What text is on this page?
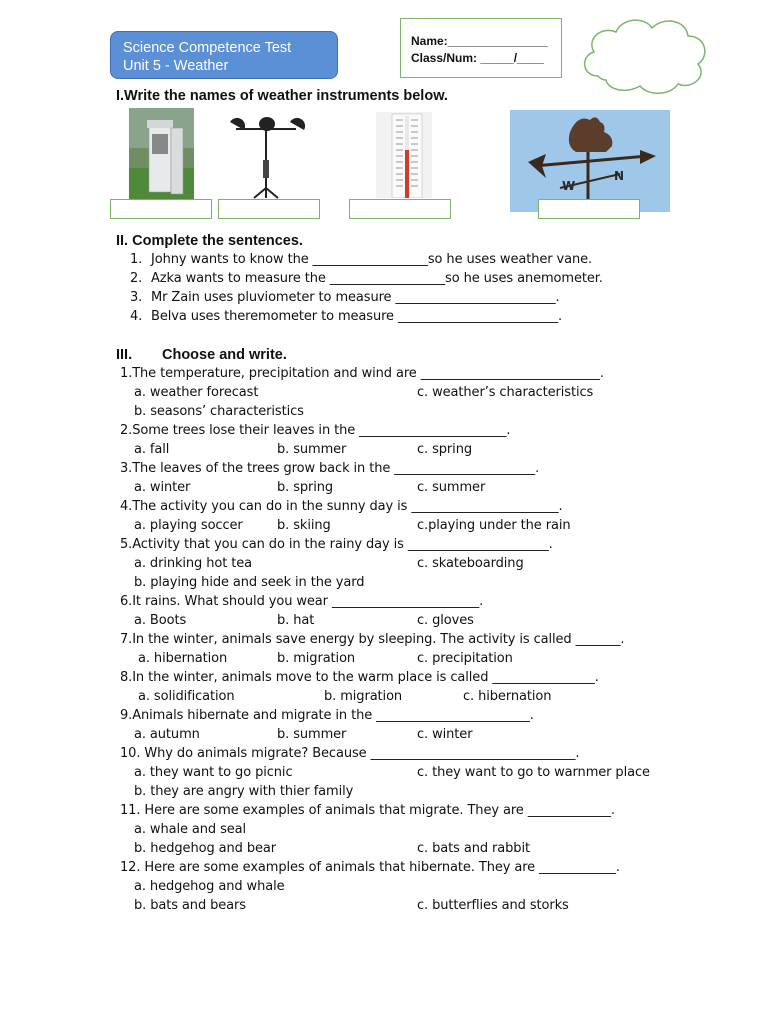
Science Competence Test
Unit 5 - Weather
Name:_______________
Class/Num: _____/____
I.Write the names of weather instruments below.
W
N
II. Complete the sentences.
1. Johny wants to know the __________________so he uses weather vane.
2. Azka wants to measure the __________________so he uses anemometer.
3. Mr Zain uses pluviometer to measure _________________________.
4. Belva uses theremometer to measure _________________________.
III. Choose and write.
1.The temperature, precipitation and wind are ____________________________.
a. weather forecast	c. weather’s characteristics
b. seasons’ characteristics
2.Some trees lose their leaves in the _______________________.
a. fall	b. summer	c. spring
3.The leaves of the trees grow back in the ______________________.
a. winter	b. spring	c. summer
4.The activity you can do in the sunny day is _______________________.
a. playing soccer	b. skiing	c.playing under the rain
5.Activity that you can do in the rainy day is ______________________.
a. drinking hot tea	c. skateboarding
b. playing hide and seek in the yard
6.It rains. What should you wear _______________________.
a. Boots	b. hat	c. gloves
7.In the winter, animals save energy by sleeping. The activity is called _______.
a. hibernation	b. migration	c. precipitation
8.In the winter, animals move to the warm place is called ________________.
a. solidification	b. migration	c. hibernation
9.Animals hibernate and migrate in the ________________________.
a. autumn	b. summer	c. winter
10. Why do animals migrate? Because ________________________________.
a. they want to go picnic	c. they want to go to warnmer place
b. they are angry with thier family
11. Here are some examples of animals that migrate. They are _____________.
a. whale and seal
b. hedgehog and bear	c. bats and rabbit
12. Here are some examples of animals that hibernate. They are ____________.
a. hedgehog and whale
b. bats and bears	c. butterflies and storks
